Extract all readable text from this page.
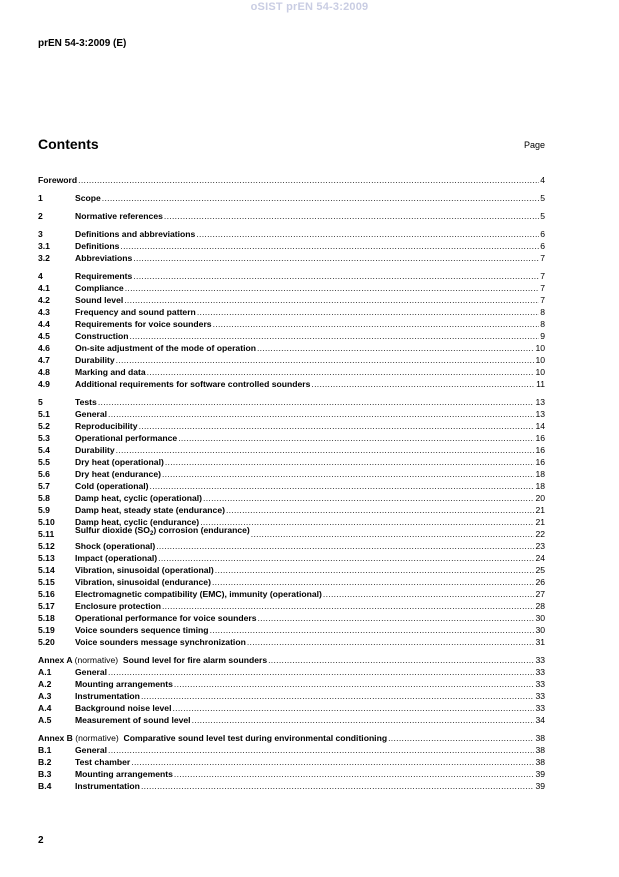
oSIST prEN 54-3:2009
prEN 54-3:2009 (E)
Contents	Page
Foreword .....	4
1	Scope .....	5
2	Normative references .....	5
3	Definitions and abbreviations .....	6
3.1	Definitions .....	6
3.2	Abbreviations .....	7
4	Requirements .....	7
4.1	Compliance .....	7
4.2	Sound level .....	7
4.3	Frequency and sound pattern .....	8
4.4	Requirements for voice sounders .....	8
4.5	Construction .....	9
4.6	On-site adjustment of the mode of operation .....	10
4.7	Durability .....	10
4.8	Marking and data .....	10
4.9	Additional requirements for software controlled sounders .....	11
5	Tests .....	13
5.1	General .....	13
5.2	Reproducibility .....	14
5.3	Operational performance .....	16
5.4	Durability .....	16
5.5	Dry heat (operational) .....	16
5.6	Dry heat (endurance) .....	18
5.7	Cold (operational) .....	18
5.8	Damp heat, cyclic (operational) .....	20
5.9	Damp heat, steady state (endurance) .....	21
5.10	Damp heat, cyclic (endurance) .....	21
5.11	Sulfur dioxide $(SO_2)$ corrosion (endurance) .....	22
5.12	Shock (operational) .....	23
5.13	Impact (operational) .....	24
5.14	Vibration, sinusoidal (operational) .....	25
5.15	Vibration, sinusoidal (endurance) .....	26
5.16	Electromagnetic compatibility (EMC), immunity (operational) .....	27
5.17	Enclosure protection .....	28
5.18	Operational performance for voice sounders .....	30
5.19	Voice sounders sequence timing .....	30
5.20	Voice sounders message synchronization .....	31
Annex A (normative) Sound level for fire alarm sounders .....	33
A.1	General .....	33
A.2	Mounting arrangements .....	33
A.3	Instrumentation .....	33
A.4	Background noise level .....	33
A.5	Measurement of sound level .....	34
Annex B (normative) Comparative sound level test during environmental conditioning .....	38
B.1	General .....	38
B.2	Test chamber .....	38
B.3	Mounting arrangements .....	39
B.4	Instrumentation .....	39
2
